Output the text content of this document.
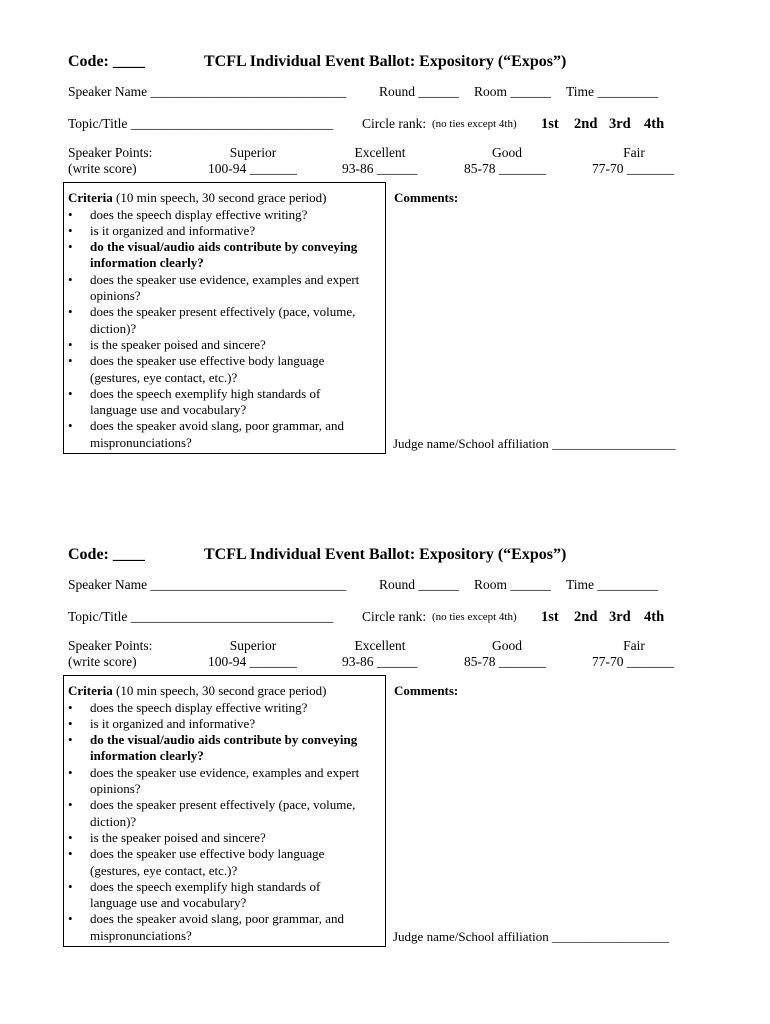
Code: ____	TCFL Individual Event Ballot: Expository (“Expos”)
Speaker Name _____________________________ Round ______ Room ______ Time _________
Topic/Title ______________________________ Circle rank: (no ties except 4th) 1st 2nd 3rd 4th
Speaker Points:
(write score)
Superior
100-94 _______
Excellent
93-86 ______
Good
85-78 _______
Fair
77-70 _______
Criteria (10 min speech, 30 second grace period)
• does the speech display effective writing?
• is it organized and informative?
• do the visual/audio aids contribute by conveying
information clearly?
• does the speaker use evidence, examples and expert
opinions?
• does the speaker present effectively (pace, volume,
diction)?
• is the speaker poised and sincere?
• does the speaker use effective body language
(gestures, eye contact, etc.)?
• does the speech exemplify high standards of
language use and vocabulary?
• does the speaker avoid slang, poor grammar, and
mispronunciations?
Comments:
Judge name/School affiliation ___________________
Code: ____	TCFL Individual Event Ballot: Expository (“Expos”)
Speaker Name _____________________________ Round ______ Room ______ Time _________
Topic/Title ______________________________ Circle rank: (no ties except 4th) 1st 2nd 3rd 4th
Speaker Points:
(write score)
Superior
100-94 _______
Excellent
93-86 ______
Good
85-78 _______
Fair
77-70 _______
Criteria (10 min speech, 30 second grace period)
• does the speech display effective writing?
• is it organized and informative?
• do the visual/audio aids contribute by conveying
information clearly?
• does the speaker use evidence, examples and expert
opinions?
• does the speaker present effectively (pace, volume,
diction)?
• is the speaker poised and sincere?
• does the speaker use effective body language
(gestures, eye contact, etc.)?
• does the speech exemplify high standards of
language use and vocabulary?
• does the speaker avoid slang, poor grammar, and
mispronunciations?
Comments:
Judge name/School affiliation __________________
